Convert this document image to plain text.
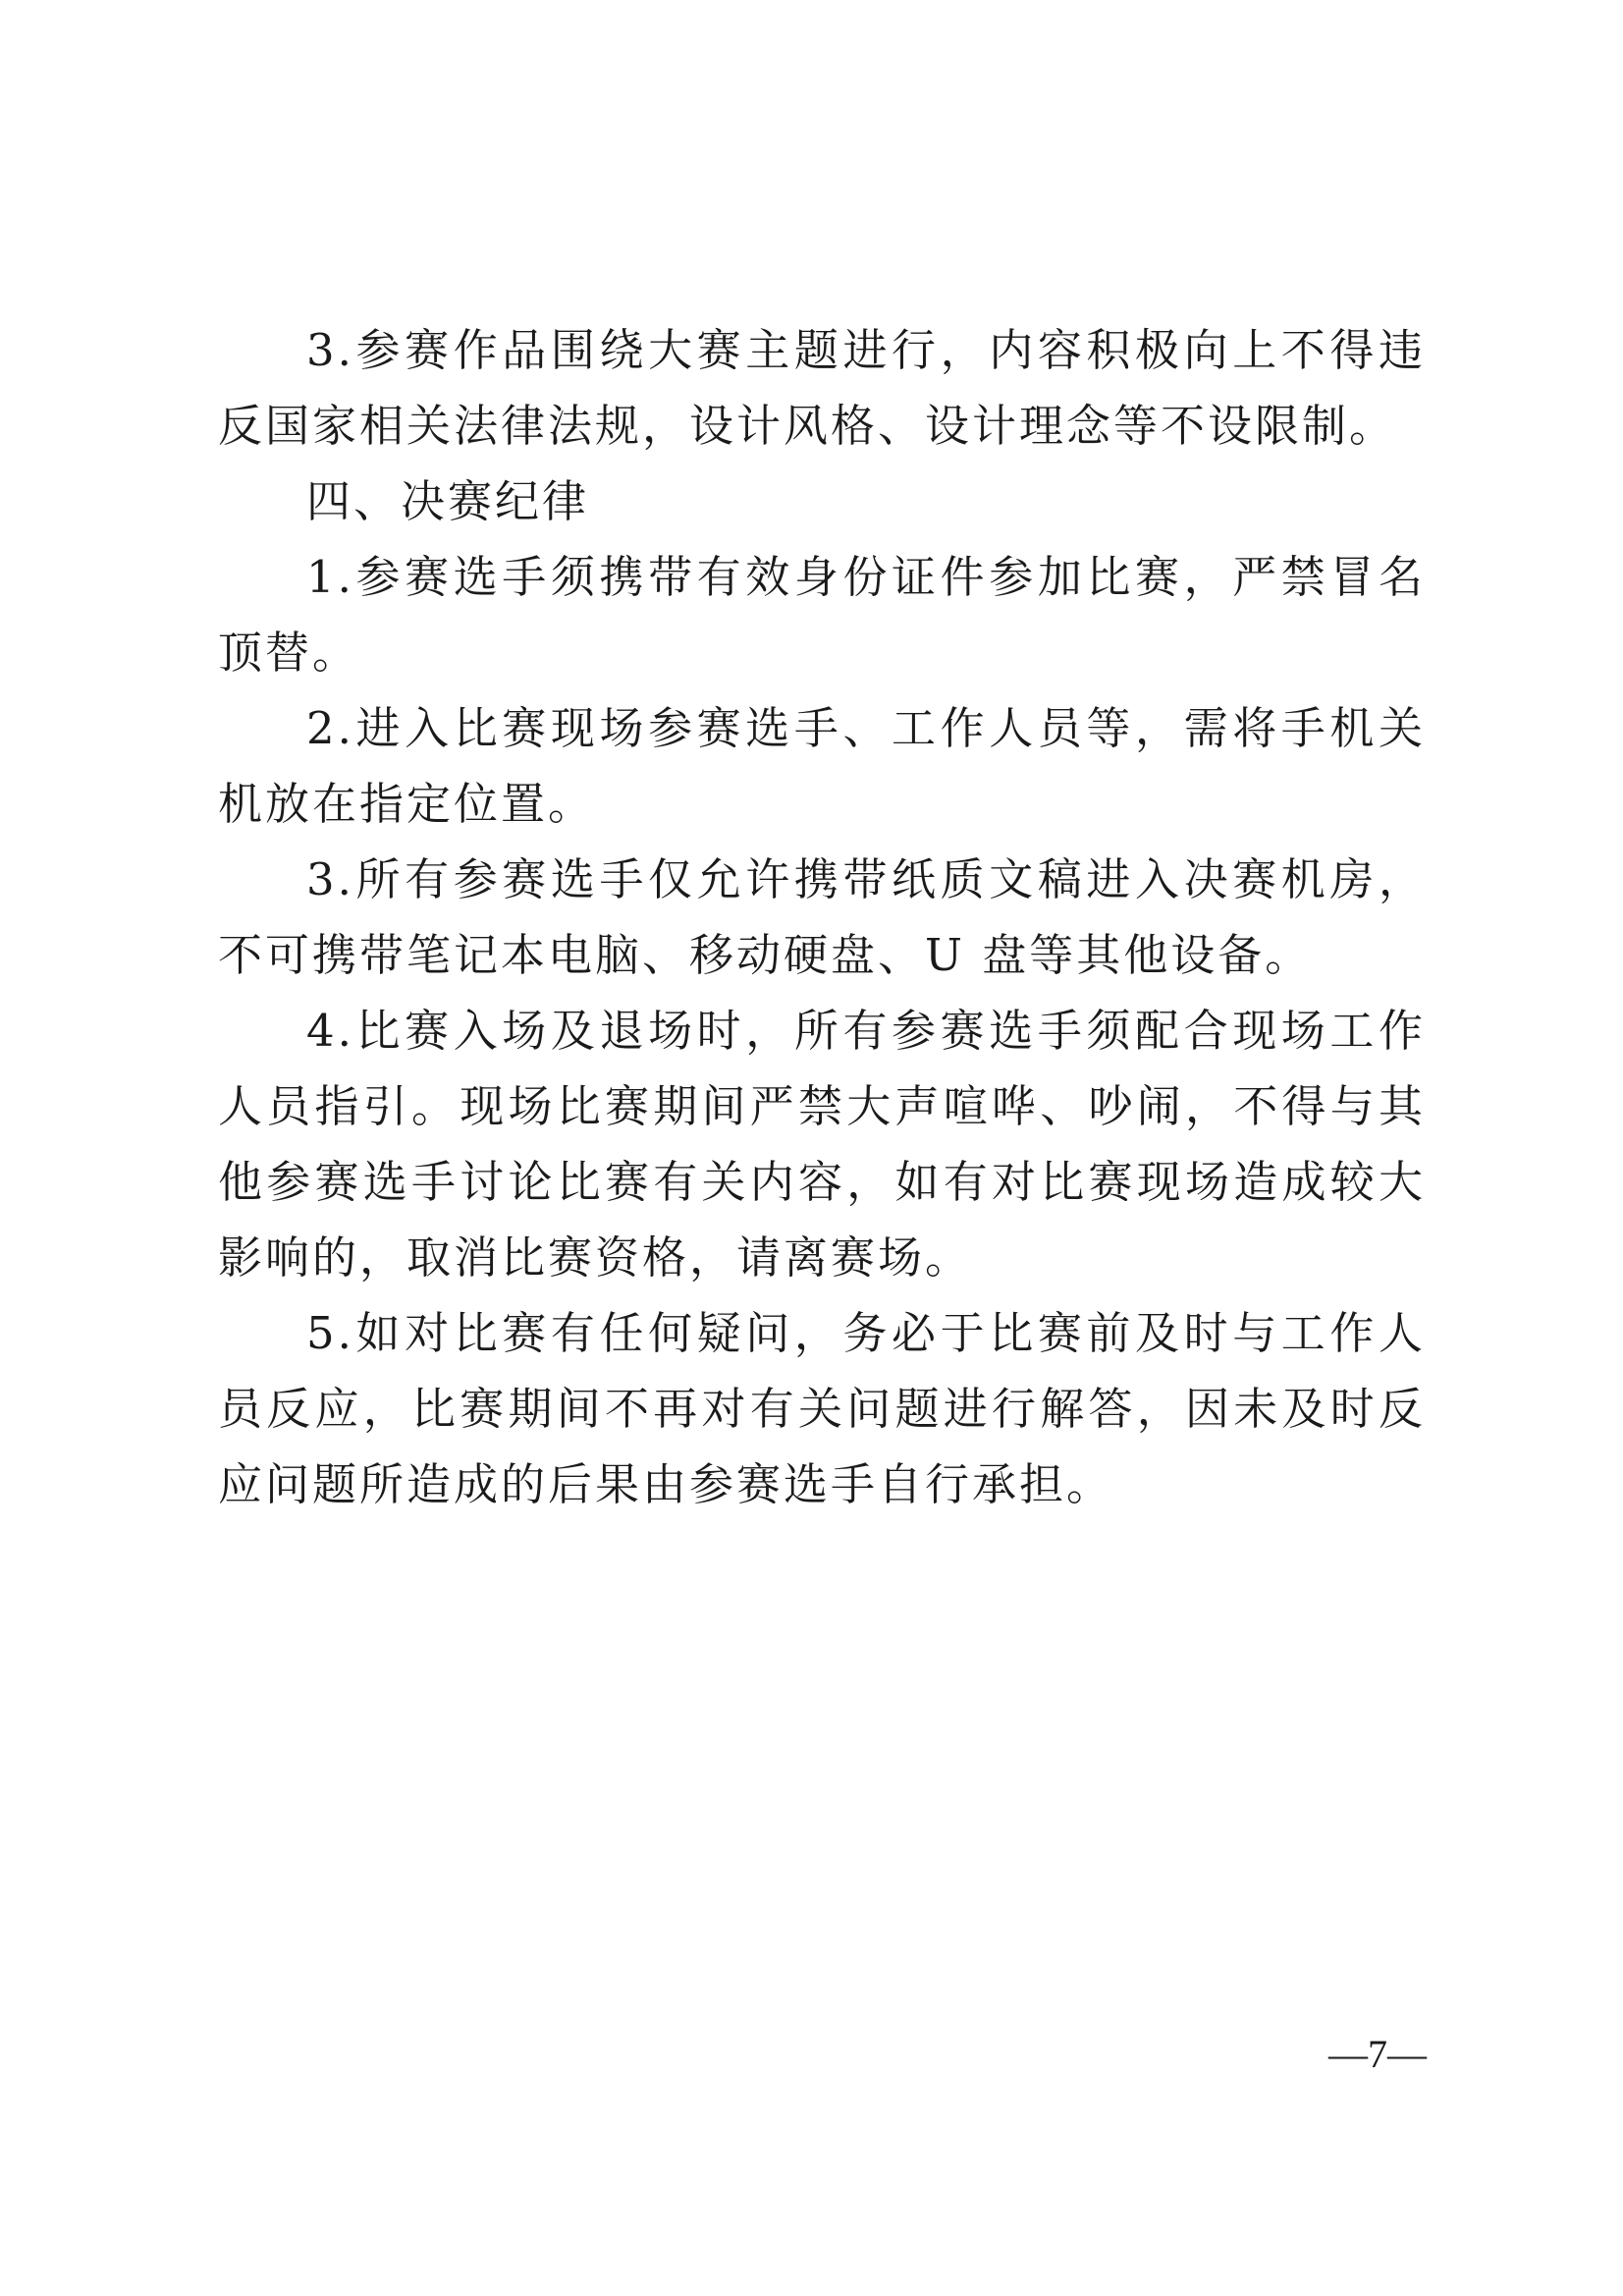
3.参赛作品围绕大赛主题进行，内容积极向上不得违反国家相关法律法规，设计风格、设计理念等不设限制。

四、决赛纪律

1.参赛选手须携带有效身份证件参加比赛，严禁冒名顶替。

2.进入比赛现场参赛选手、工作人员等，需将手机关机放在指定位置。

3.所有参赛选手仅允许携带纸质文稿进入决赛机房，不可携带笔记本电脑、移动硬盘、U 盘等其他设备。

4.比赛入场及退场时，所有参赛选手须配合现场工作人员指引。现场比赛期间严禁大声喧哗、吵闹，不得与其他参赛选手讨论比赛有关内容，如有对比赛现场造成较大影响的，取消比赛资格，请离赛场。

5.如对比赛有任何疑问，务必于比赛前及时与工作人员反应，比赛期间不再对有关问题进行解答，因未及时反应问题所造成的后果由参赛选手自行承担。

—7—
